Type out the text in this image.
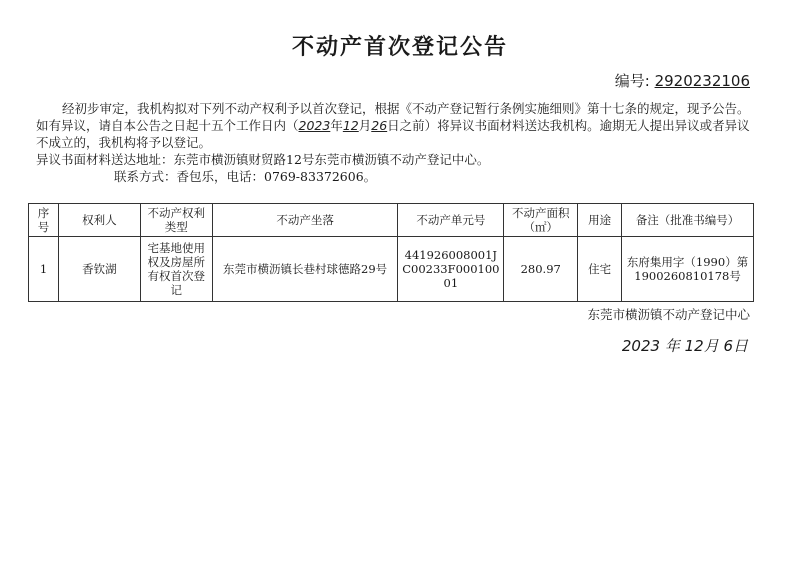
不动产首次登记公告
编号: 2920232106
经初步审定，我机构拟对下列不动产权利予以首次登记，根据《不动产登记暂行条例实施细则》第十七条的规定，现予公告。如有异议，请自本公告之日起十五个工作日内（2023年12月26日之前）将异议书面材料送达我机构。逾期无人提出异议或者异议不成立的，我机构将予以登记。
异议书面材料送达地址：东莞市横沥镇财贸路12号东莞市横沥镇不动产登记中心。
联系方式：香包乐，电话：0769-83372606。
序号	权利人	不动产权利类型	不动产坐落	不动产单元号	不动产面积（㎡）	用途	备注（批准书编号）
1	香钦湖	宅基地使用权及房屋所有权首次登记	东莞市横沥镇长巷村球德路29号	441926008001JC00233F00010001	280.97	住宅	东府集用字（1990）第1900260810178号
东莞市横沥镇不动产登记中心
2023 年 12月 6日
